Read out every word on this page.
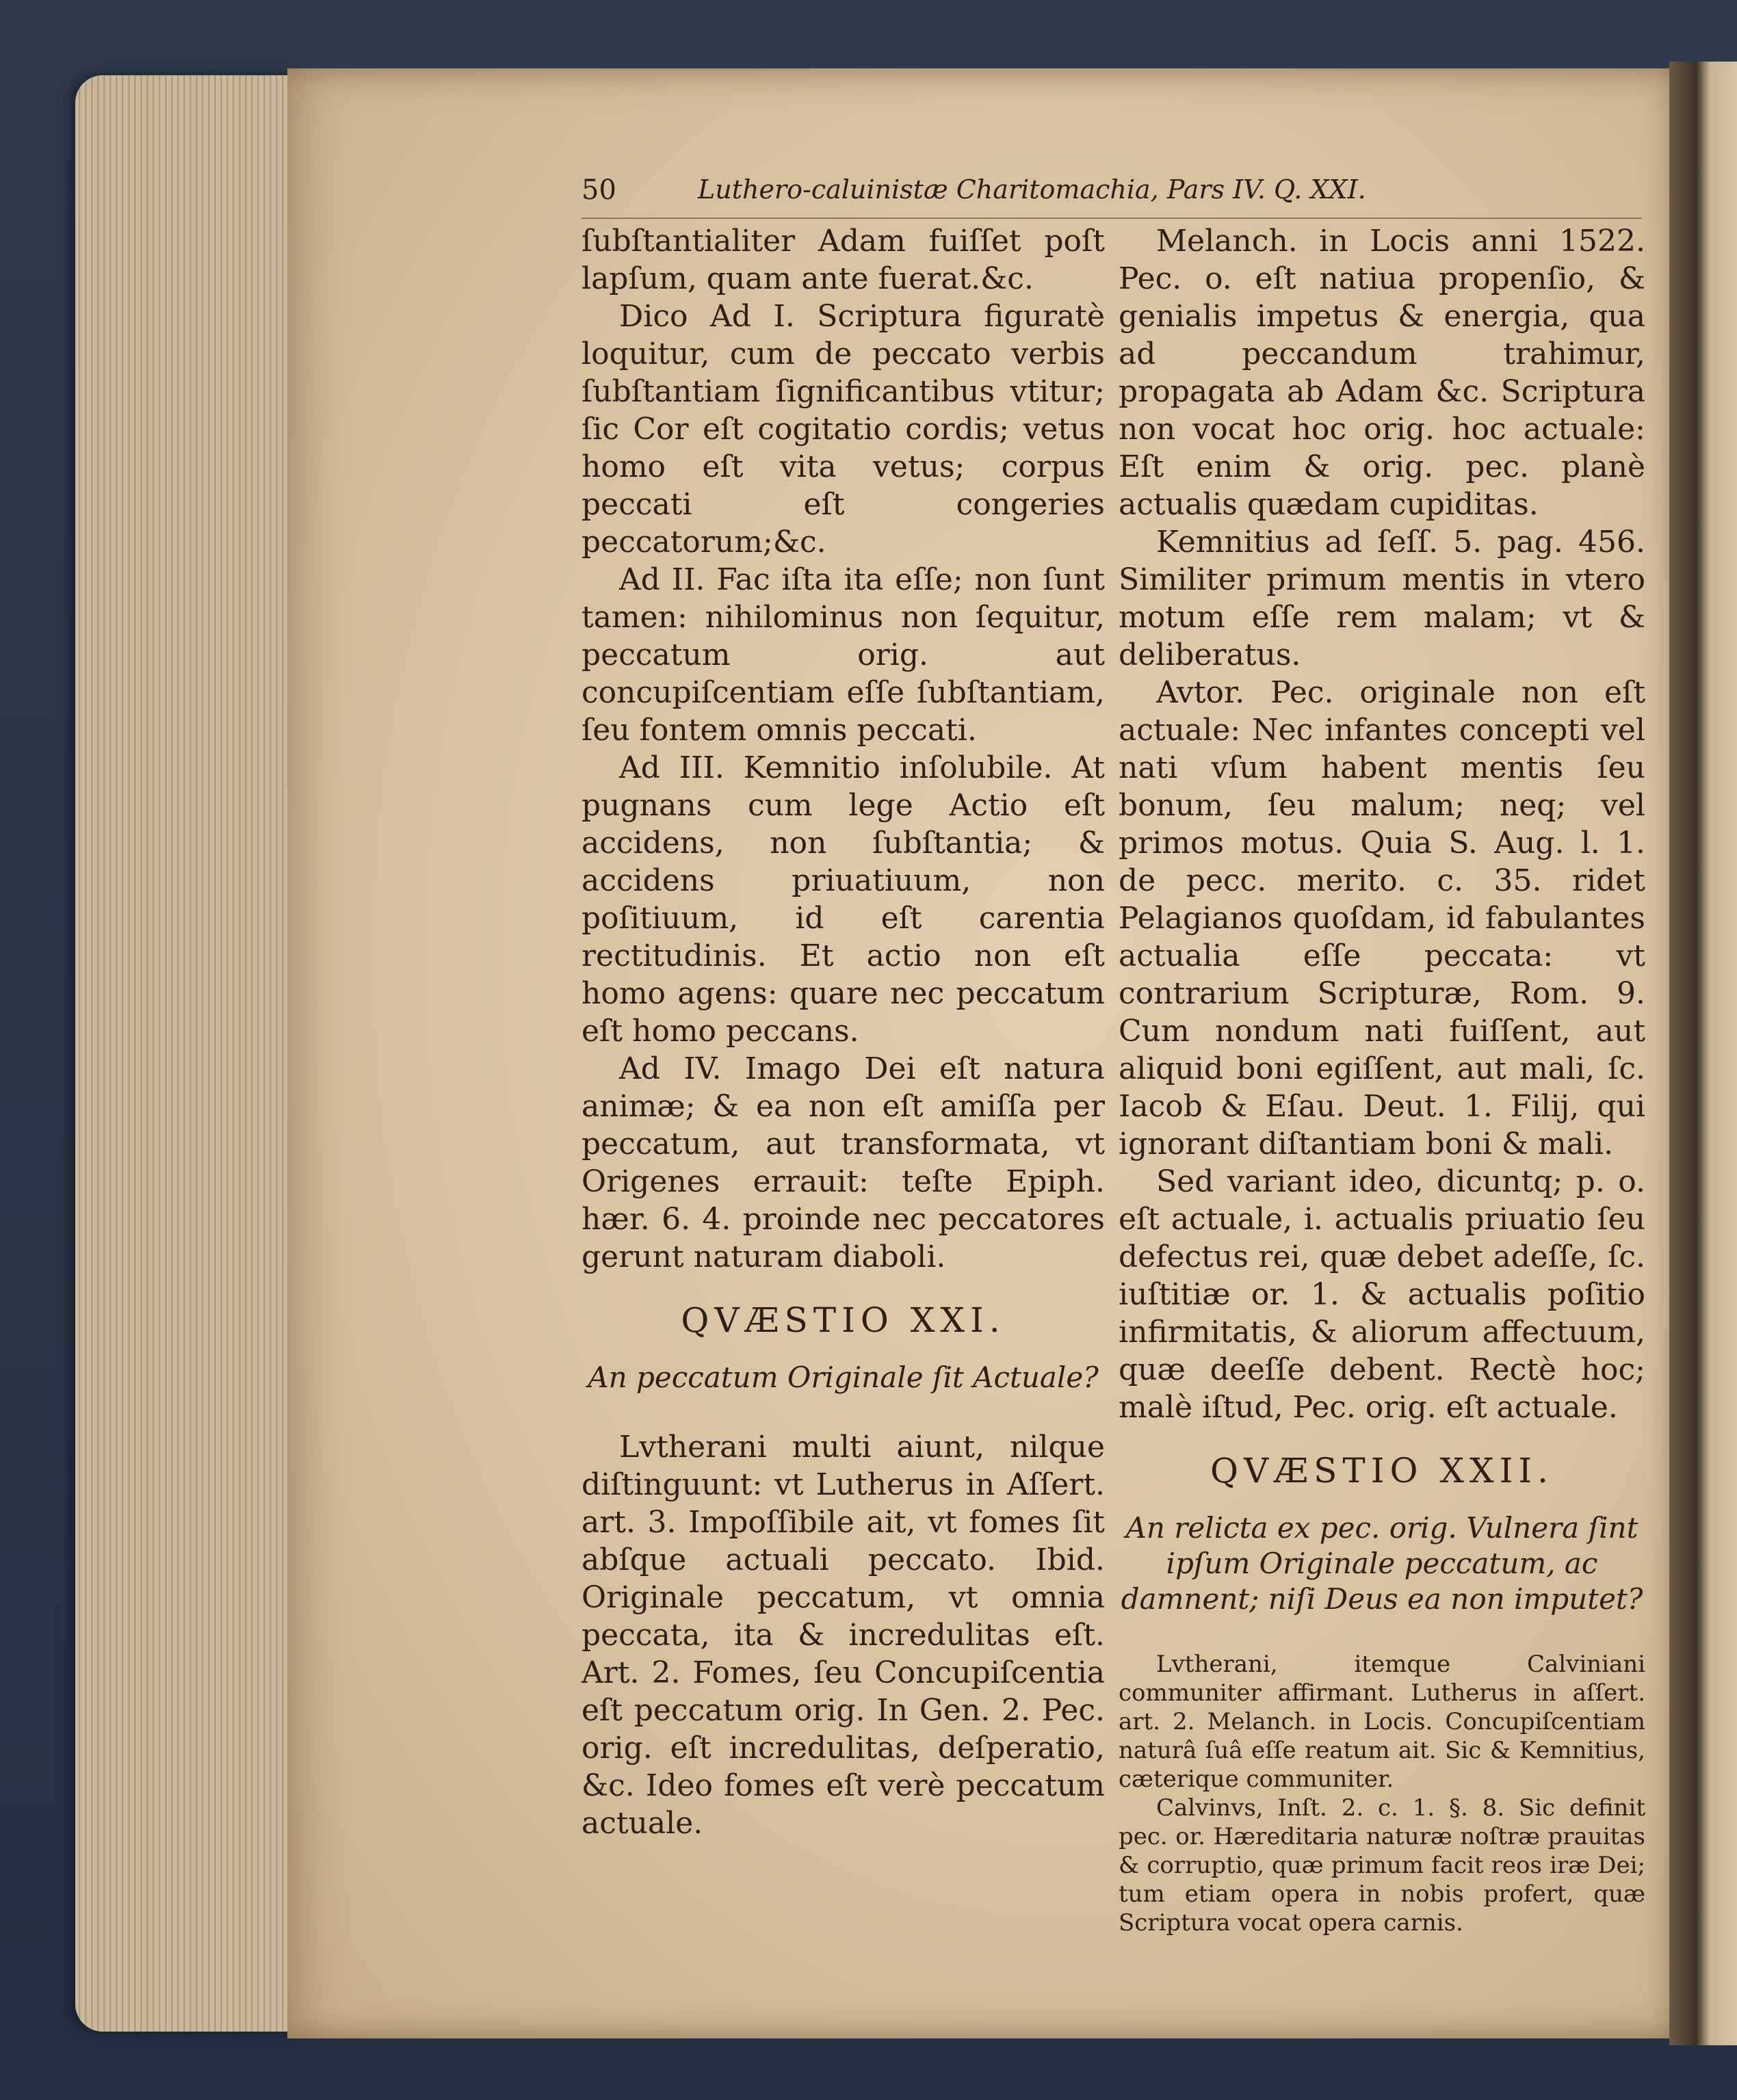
50	Luthero-caluinistæ Charitomachia, Pars IV. Q. XXI.

ſubſtantialiter Adam fuiſſet poſt lapſum, quam ante fuerat.&c.

Dico Ad I. Scriptura figuratè loquitur, cum de peccato verbis ſubſtantiam ſignificantibus vtitur; ſic Cor eſt cogitatio cordis; vetus homo eſt vita vetus; corpus peccati eſt congeries peccatorum;&c.

Ad II. Fac iſta ita eſſe; non ſunt tamen: nihilominus non ſequitur, peccatum orig. aut concupiſcentiam eſſe ſubſtantiam, ſeu fontem omnis peccati.

Ad III. Kemnitio inſolubile. At pugnans cum lege Actio eſt accidens, non ſubſtantia; & accidens priuatiuum, non poſitiuum, id eſt carentia rectitudinis. Et actio non eſt homo agens: quare nec peccatum eſt homo peccans.

Ad IV. Imago Dei eſt natura animæ; & ea non eſt amiſſa per peccatum, aut transformata, vt Origenes errauit: teſte Epiph. hær. 6. 4. proinde nec peccatores gerunt naturam diaboli.

QVÆSTIO XXI.
An peccatum Originale ſit Actuale?

Lvtherani multi aiunt, nilque diſtinguunt: vt Lutherus in Aſſert. art. 3. Impoſſibile ait, vt fomes ſit abſque actuali peccato. Ibid. Originale peccatum, vt omnia peccata, ita & incredulitas eſt. Art. 2. Fomes, ſeu Concupiſcentia eſt peccatum orig. In Gen. 2. Pec. orig. eſt incredulitas, deſperatio, &c. Ideo fomes eſt verè peccatum actuale.

Melanch. in Locis anni 1522. Pec. o. eſt natiua propenſio, & genialis impetus & energia, qua ad peccandum trahimur, propagata ab Adam &c. Scriptura non vocat hoc orig. hoc actuale: Eſt enim & orig. pec. planè actualis quædam cupiditas.

Kemnitius ad ſeſſ. 5. pag. 456. Similiter primum mentis in vtero motum eſſe rem malam; vt & deliberatus.

Avtor. Pec. originale non eſt actuale: Nec infantes concepti vel nati vſum habent mentis ſeu bonum, ſeu malum; neq; vel primos motus. Quia S. Aug. l. 1. de pecc. merito. c. 35. ridet Pelagianos quoſdam, id fabulantes actualia eſſe peccata: vt contrarium Scripturæ, Rom. 9. Cum nondum nati fuiſſent, aut aliquid boni egiſſent, aut mali, ſc. Iacob & Eſau. Deut. 1. Filij, qui ignorant diſtantiam boni & mali.

Sed variant ideo, dicuntq; p. o. eſt actuale, i. actualis priuatio ſeu defectus rei, quæ debet adeſſe, ſc. iuſtitiæ or. 1. & actualis poſitio infirmitatis, & aliorum affectuum, quæ deeſſe debent. Rectè hoc; malè iſtud, Pec. orig. eſt actuale.

QVÆSTIO XXII.
An relicta ex pec. orig. Vulnera ſint ipſum Originale peccatum, ac damnent; niſi Deus ea non imputet?

Lvtherani, itemque Calviniani communiter affirmant. Lutherus in aſſert. art. 2. Melanch. in Locis. Concupiſcentiam naturâ ſuâ eſſe reatum ait. Sic & Kemnitius, cæterique communiter.

Calvinvs, Inſt. 2. c. 1. §. 8. Sic definit pec. or. Hæreditaria naturæ noſtræ prauitas & corruptio, quæ primum facit reos iræ Dei; tum etiam opera in nobis profert, quæ Scriptura vocat opera carnis.
